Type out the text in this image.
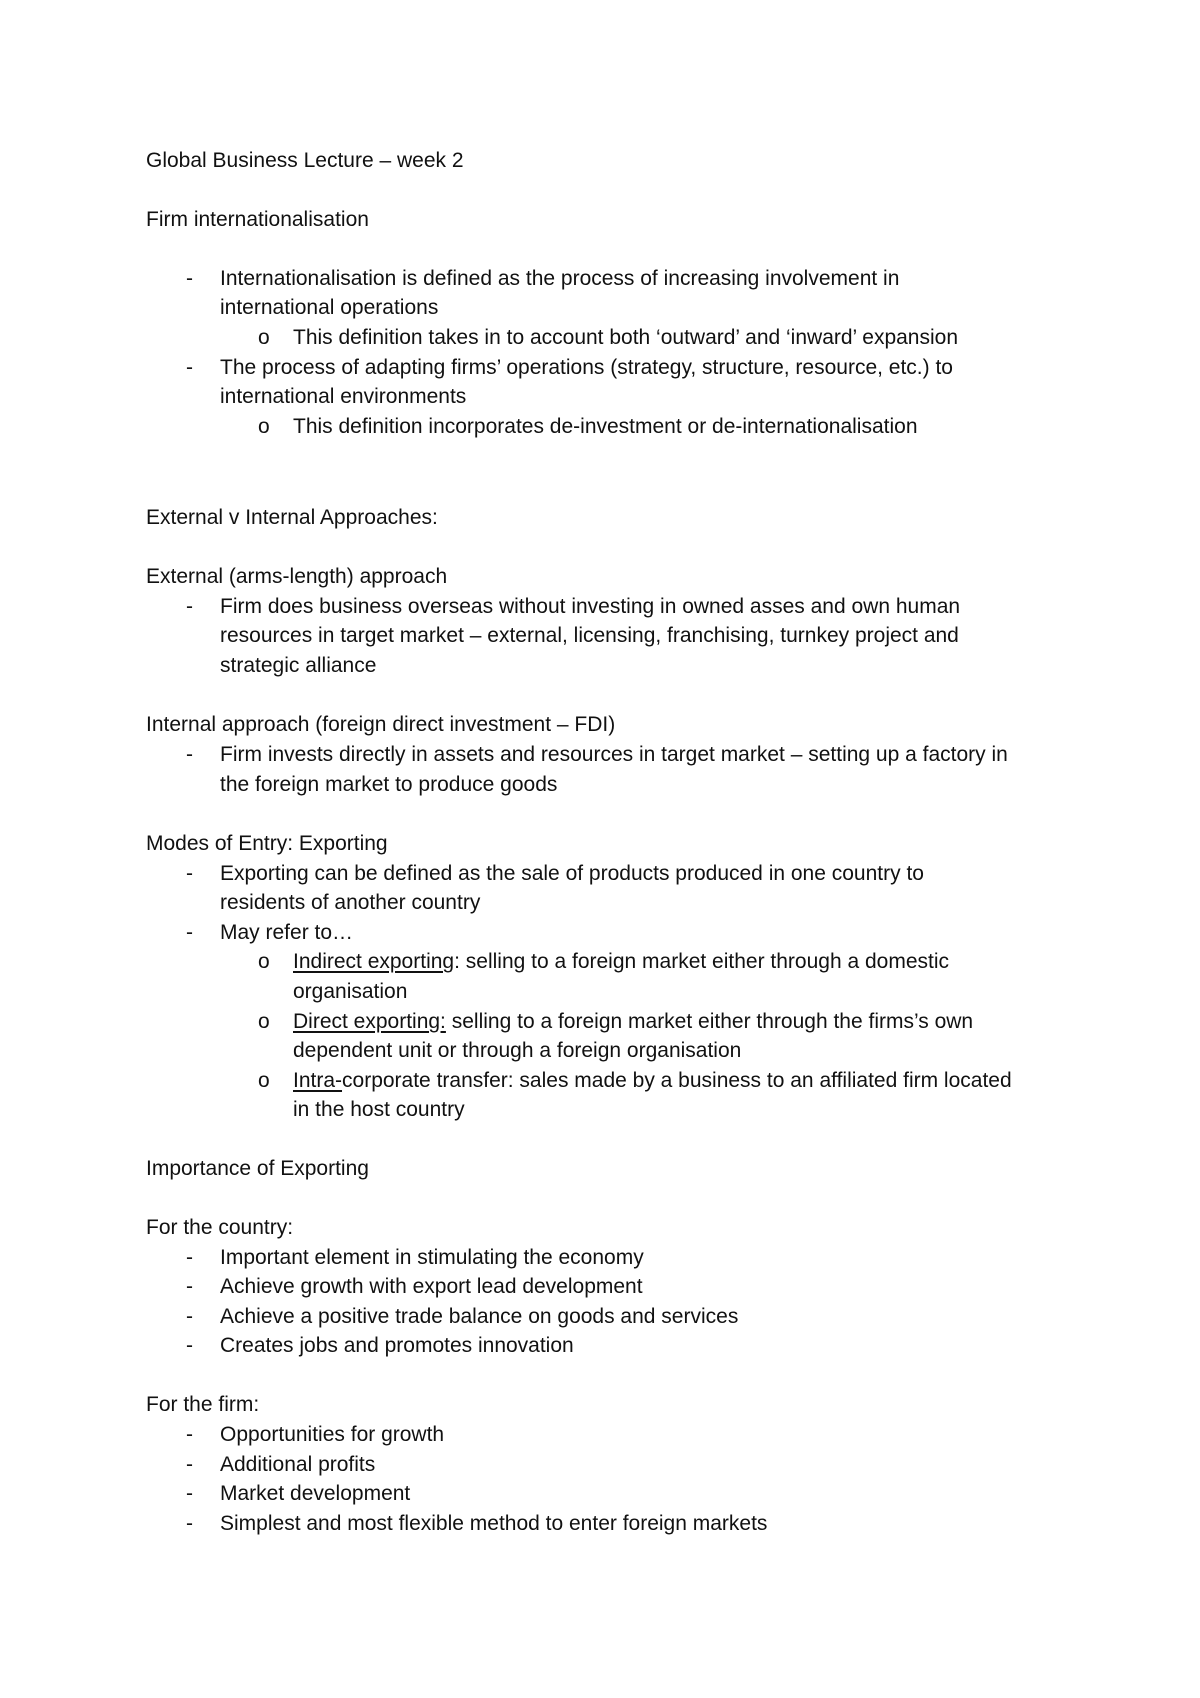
Global Business Lecture – week 2
Firm internationalisation
-	Internationalisation is defined as the process of increasing involvement in
international operations
o This definition takes in to account both ‘outward’ and ‘inward’ expansion
-	The process of adapting firms’ operations (strategy, structure, resource, etc.) to
international environments
o This definition incorporates de-investment or de-internationalisation
External v Internal Approaches:
External (arms-length) approach
-	Firm does business overseas without investing in owned asses and own human
resources in target market – external, licensing, franchising, turnkey project and
strategic alliance
Internal approach (foreign direct investment – FDI)
-	Firm invests directly in assets and resources in target market – setting up a factory in
the foreign market to produce goods
Modes of Entry: Exporting
-	Exporting can be defined as the sale of products produced in one country to
residents of another country
-	May refer to…
o Indirect exporting: selling to a foreign market either through a domestic
organisation
o Direct exporting: selling to a foreign market either through the firms’s own
dependent unit or through a foreign organisation
o Intra-corporate transfer: sales made by a business to an affiliated firm located
in the host country
Importance of Exporting
For the country:
-	Important element in stimulating the economy
-	Achieve growth with export lead development
-	Achieve a positive trade balance on goods and services
-	Creates jobs and promotes innovation
For the firm:
-	Opportunities for growth
-	Additional profits
-	Market development
-	Simplest and most flexible method to enter foreign markets
